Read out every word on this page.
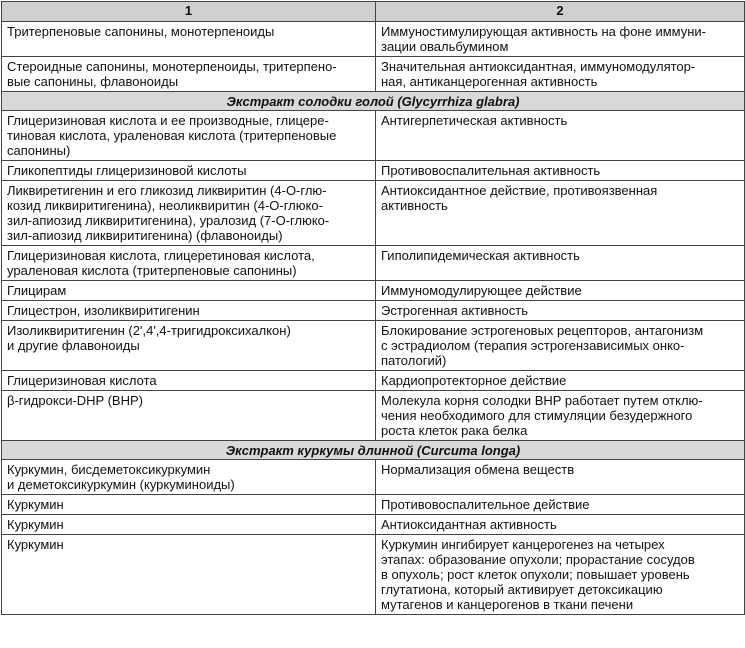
1	2

Тритерпеновые сапонины, монотерпеноиды	Иммуностимулирующая активность на фоне иммуни-
зации овальбумином

Стероидные сапонины, монотерпеноиды, тритерпено-
вые сапонины, флавоноиды	Значительная антиоксидантная, иммуномодулятор-
ная, антиканцерогенная активность

Экстракт солодки голой (Glycyrrhiza glabra)	

Глицеризиновая кислота и ее производные, глицере-
тиновая кислота, ураленовая кислота (тритерпеновые
сапонины)	Антигерпетическая активность

Гликопептиды глицеризиновой кислоты	Противовоспалительная активность

Ликвиретигенин и его гликозид ликвиритин (4-О-глю-
козид ликвиритигенина), неоликвиритин (4-О-глюко-
зил-апиозид ликвиритигенина), уралозид (7-О-глюко-
зил-апиозид ликвиритигенина) (флавоноиды)	Антиоксидантное действие, противоязвенная
активность

Глицеризиновая кислота, глицеретиновая кислота,
ураленовая кислота (тритерпеновые сапонины)	Гиполипидемическая активность

Глицирам	Иммуномодулирующее действие

Глицестрон, изоликвиритигенин	Эстрогенная активность

Изоликвиритигенин (2',4',4-тригидроксихалкон)
и другие флавоноиды	Блокирование эстрогеновых рецепторов, антагонизм
с эстрадиолом (терапия эстрогензависимых онко-
патологий)

Глицеризиновая кислота	Кардиопротекторное действие

β-гидрокси-DHP (BHP)	Молекула корня солодки BHP работает путем отклю-
чения необходимого для стимуляции безудержного
роста клеток рака белка

Экстракт куркумы длинной (Curcuma longa)	

Куркумин, бисдеметоксикуркумин
и деметоксикуркумин (куркуминоиды)	Нормализация обмена веществ

Куркумин	Противовоспалительное действие

Куркумин	Антиоксидантная активность

Куркумин	Куркумин ингибирует канцерогенез на четырех
этапах: образование опухоли; прорастание сосудов
в опухоль; рост клеток опухоли; повышает уровень
глутатиона, который активирует детоксикацию
мутагенов и канцерогенов в ткани печени
